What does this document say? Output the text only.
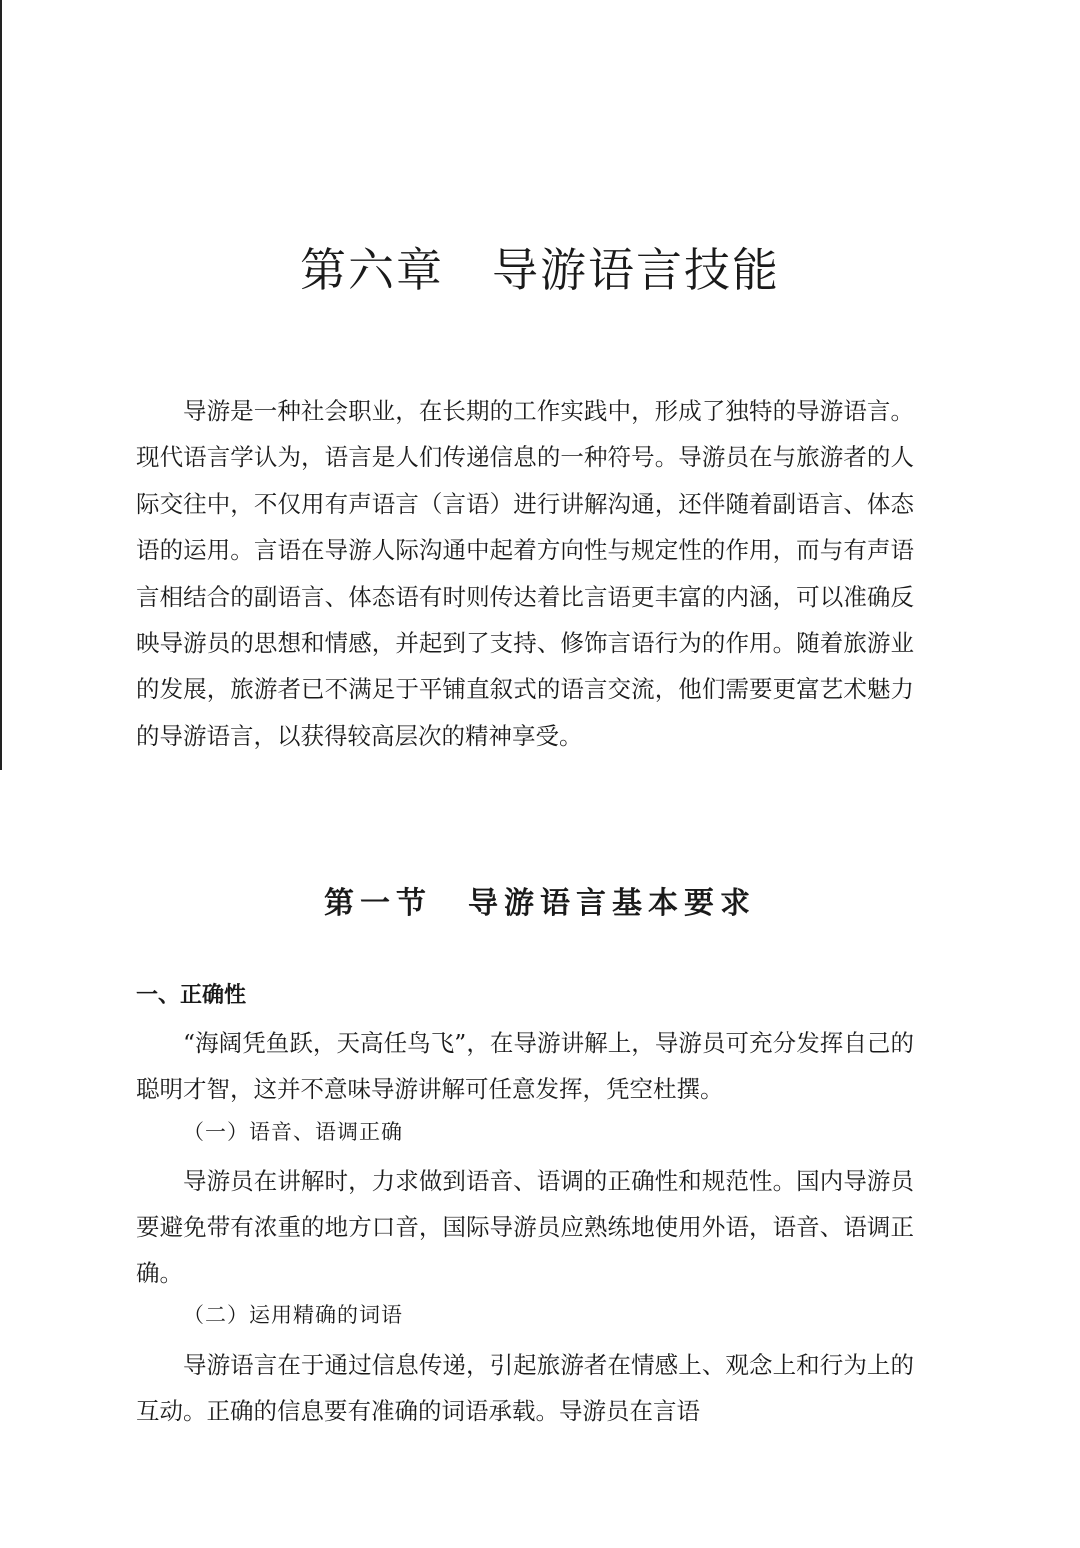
第六章　导游语言技能

导游是一种社会职业，在长期的工作实践中，形成了独特的导游语言。现代语言学认为，语言是人们传递信息的一种符号。导游员在与旅游者的人际交往中，不仅用有声语言（言语）进行讲解沟通，还伴随着副语言、体态语的运用。言语在导游人际沟通中起着方向性与规定性的作用，而与有声语言相结合的副语言、体态语有时则传达着比言语更丰富的内涵，可以准确反映导游员的思想和情感，并起到了支持、修饰言语行为的作用。随着旅游业的发展，旅游者已不满足于平铺直叙式的语言交流，他们需要更富艺术魅力的导游语言，以获得较高层次的精神享受。

第一节　导游语言基本要求
一、正确性

“海阔凭鱼跃，天高任鸟飞”，在导游讲解上，导游员可充分发挥自己的聪明才智，这并不意味导游讲解可任意发挥，凭空杜撰。

（一）语音、语调正确

导游员在讲解时，力求做到语音、语调的正确性和规范性。国内导游员要避免带有浓重的地方口音，国际导游员应熟练地使用外语，语音、语调正确。

（二）运用精确的词语

导游语言在于通过信息传递，引起旅游者在情感上、观念上和行为上的互动。正确的信息要有准确的词语承载。导游员在言语
